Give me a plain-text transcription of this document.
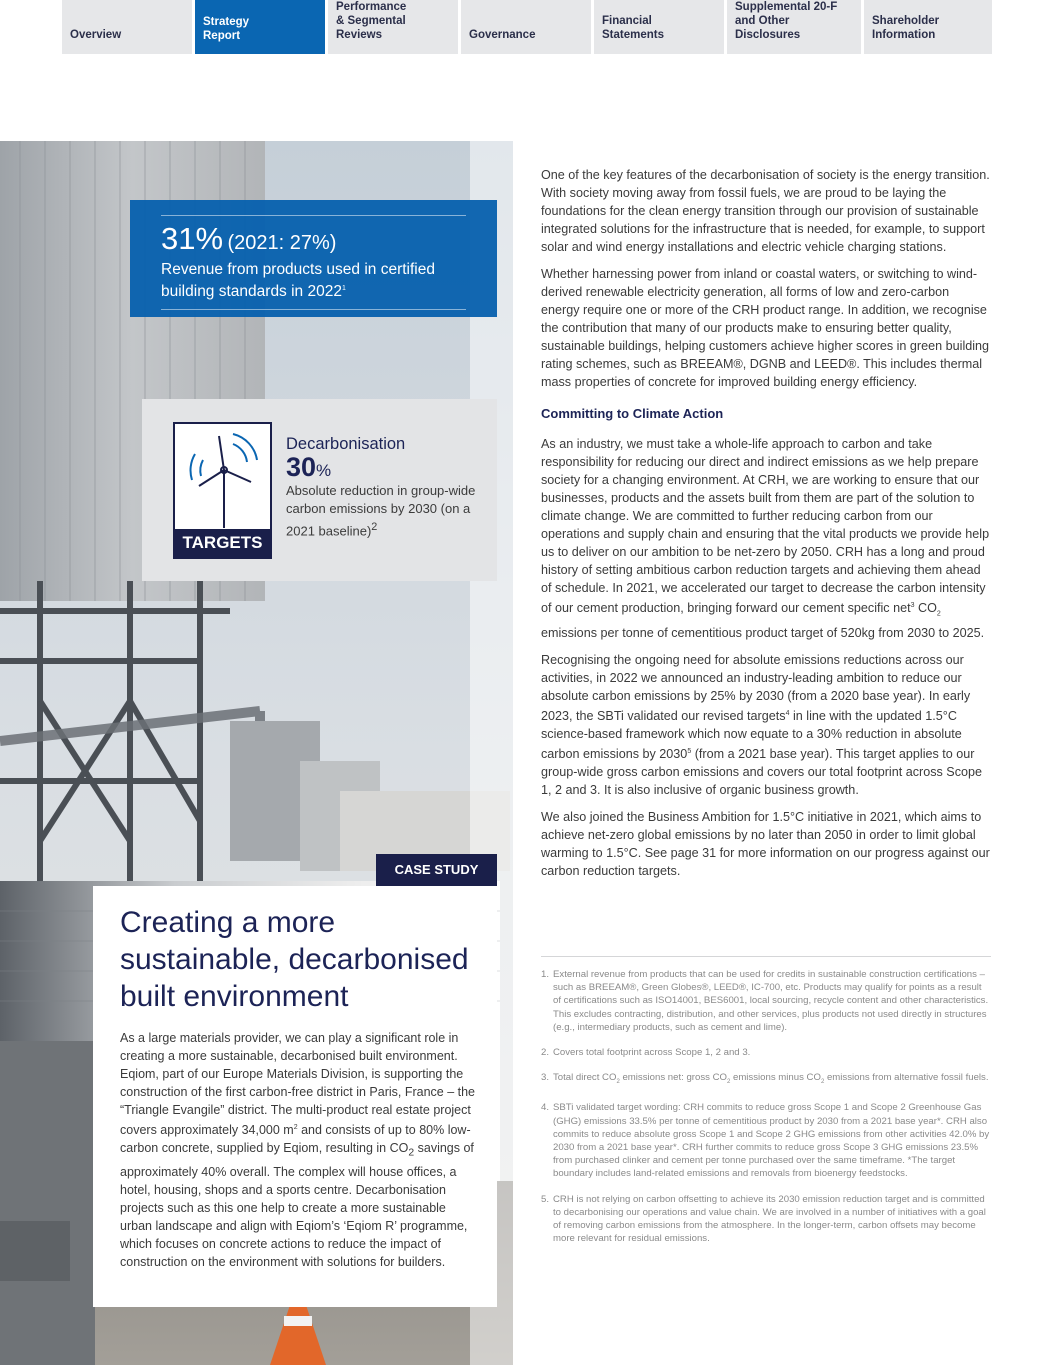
Overview
Strategy
Report
Performance
& Segmental Reviews	Governance
Financial
Statements
Supplemental 20-F
and Other Disclosures
Shareholder
Information
31% (2021: 27%)
Revenue from products used in certified building standards in 2022$^1$
TARGETS
Decarbonisation
30%
Absolute reduction in group-wide carbon emissions by 2030 (on a 2021 baseline)$^2$
CASE STUDY
Creating a more sustainable, decarbonised built environment

As a large materials provider, we can play a significant role in creating a more sustainable, decarbonised built environment. Eqiom, part of our Europe Materials Division, is supporting the construction of the first carbon-free district in Paris, France – the “Triangle Evangile” district. The multi-product real estate project covers approximately 34,000 $m^2$ and consists of up to 80% low-carbon concrete, supplied by Eqiom, resulting in $CO_2$ savings of approximately 40% overall. The complex will house offices, a hotel, housing, shops and a sports centre. Decarbonisation projects such as this one help to create a more sustainable urban landscape and align with Eqiom’s ‘Eqiom R’ programme, which focuses on concrete actions to reduce the impact of construction on the environment with solutions for builders.

One of the key features of the decarbonisation of society is the energy transition. With society moving away from fossil fuels, we are proud to be laying the foundations for the clean energy transition through our provision of sustainable integrated solutions for the infrastructure that is needed, for example, to support solar and wind energy installations and electric vehicle charging stations.

Whether harnessing power from inland or coastal waters, or switching to wind-derived renewable electricity generation, all forms of low and zero-carbon energy require one or more of the CRH product range. In addition, we recognise the contribution that many of our products make to ensuring better quality, sustainable buildings, helping customers achieve higher scores in green building rating schemes, such as BREEAM®, DGNB and LEED®. This includes thermal mass properties of concrete for improved building energy efficiency.

Committing to Climate Action

As an industry, we must take a whole-life approach to carbon and take responsibility for reducing our direct and indirect emissions as we help prepare society for a changing environment. At CRH, we are working to ensure that our businesses, products and the assets built from them are part of the solution to climate change. We are committed to further reducing carbon from our operations and supply chain and ensuring that the vital products we provide help us to deliver on our ambition to be net-zero by 2050. CRH has a long and proud history of setting ambitious carbon reduction targets and achieving them ahead of schedule. In 2021, we accelerated our target to decrease the carbon intensity of our cement production, bringing forward our cement specific net$^3$ $CO_2$ emissions per tonne of cementitious product target of 520kg from 2030 to 2025.

Recognising the ongoing need for absolute emissions reductions across our activities, in 2022 we announced an industry-leading ambition to reduce our absolute carbon emissions by 25% by 2030 (from a 2020 base year). In early 2023, the SBTi validated our revised targets$^4$ in line with the updated 1.5°C science-based framework which now equate to a 30% reduction in absolute carbon emissions by 2030$^5$ (from a 2021 base year). This target applies to our group-wide gross carbon emissions and covers our total footprint across Scope 1, 2 and 3. It is also inclusive of organic business growth.

We also joined the Business Ambition for 1.5°C initiative in 2021, which aims to achieve net-zero global emissions by no later than 2050 in order to limit global warming to 1.5°C. See page 31 for more information on our progress against our carbon reduction targets.

1. External revenue from products that can be used for credits in sustainable construction certifications – such as BREEAM®, Green Globes®, LEED®, IC-700, etc. Products may qualify for points as a result of certifications such as ISO14001, BES6001, local sourcing, recycle content and other characteristics. This excludes contracting, distribution, and other services, plus products not used directly in structures (e.g., intermediary products, such as cement and lime).
2. Covers total footprint across Scope 1, 2 and 3.
3. Total direct $CO_2$ emissions net: gross $CO_2$ emissions minus $CO_2$ emissions from alternative fossil fuels.
4. SBTi validated target wording: CRH commits to reduce gross Scope 1 and Scope 2 Greenhouse Gas (GHG) emissions 33.5% per tonne of cementitious product by 2030 from a 2021 base year*. CRH also commits to reduce absolute gross Scope 1 and Scope 2 GHG emissions from other activities 42.0% by 2030 from a 2021 base year*. CRH further commits to reduce gross Scope 3 GHG emissions 23.5% from purchased clinker and cement per tonne purchased over the same timeframe. *The target boundary includes land-related emissions and removals from bioenergy feedstocks.
5. CRH is not relying on carbon offsetting to achieve its 2030 emission reduction target and is committed to decarbonising our operations and value chain. We are involved in a number of initiatives with a goal of removing carbon emissions from the atmosphere. In the longer-term, carbon offsets may become more relevant for residual emissions.
